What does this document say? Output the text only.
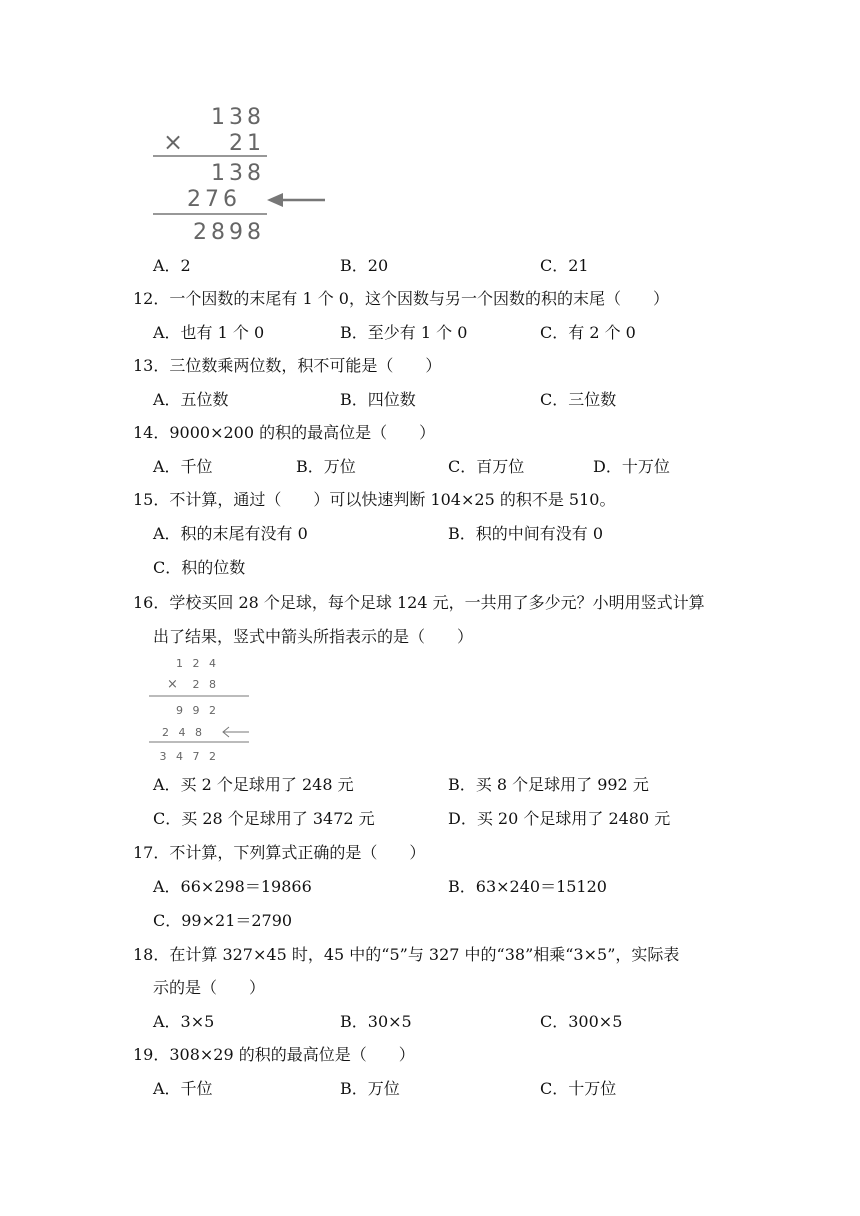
138
× 21
138
276
2898
A．2	B．20	C．21
12．一个因数的末尾有 1 个 0，这个因数与另一个因数的积的末尾（　　）
A．也有 1 个 0	B．至少有 1 个 0	C．有 2 个 0
13．三位数乘两位数，积不可能是（　　）
A．五位数	B．四位数	C．三位数
14．9000×200 的积的最高位是（　　）
A．千位	B．万位	C．百万位	D．十万位
15．不计算，通过（　　）可以快速判断 104×25 的积不是 510。
A．积的末尾有没有 0	B．积的中间有没有 0
C．积的位数
16．学校买回 28 个足球，每个足球 124 元，一共用了多少元？小明用竖式计算
出了结果，竖式中箭头所指表示的是（　　）
1 2 4
× 2 8
9 9 2
2 4 8
3 4 7 2
A．买 2 个足球用了 248 元	B．买 8 个足球用了 992 元
C．买 28 个足球用了 3472 元	D．买 20 个足球用了 2480 元
17．不计算，下列算式正确的是（　　）
A．66×298＝19866	B．63×240＝15120
C．99×21＝2790
18．在计算 327×45 时，45 中的“5”与 327 中的“38”相乘“3×5”，实际表
示的是（　　）
A．3×5	B．30×5	C．300×5
19．308×29 的积的最高位是（　　）
A．千位	B．万位	C．十万位
